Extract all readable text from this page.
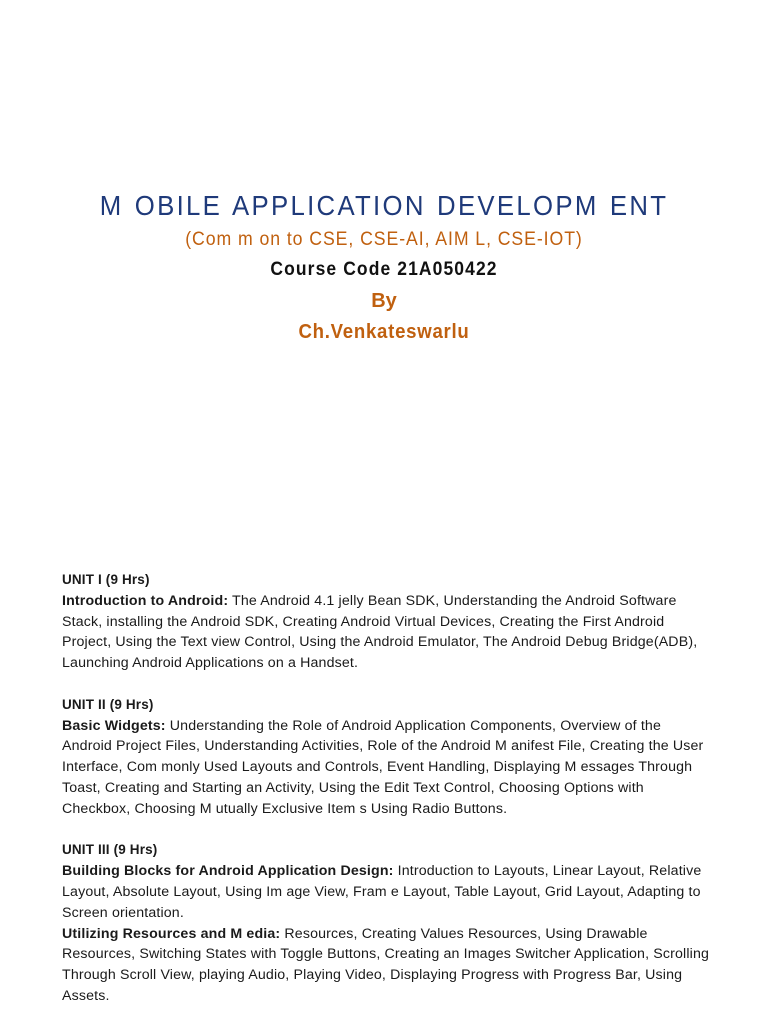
M OBILE APPLICATION DEVELOPM ENT

(Com m on to CSE, CSE-AI, AIM L, CSE-IOT)

Course Code 21A050422

By

Ch.Venkateswarlu

UNIT I (9 Hrs)

Introduction to Android: The Android 4.1 jelly Bean SDK, Understanding the Android Software Stack, installing the Android SDK, Creating Android Virtual Devices, Creating the First Android Project, Using the Text view Control, Using the Android Emulator, The Android Debug Bridge(ADB), Launching Android Applications on a Handset.

UNIT II (9 Hrs)

Basic Widgets: Understanding the Role of Android Application Components, Overview of the Android Project Files, Understanding Activities, Role of the Android M anifest File, Creating the User Interface, Com monly Used Layouts and Controls, Event Handling, Displaying M essages Through Toast, Creating and Starting an Activity, Using the Edit Text Control, Choosing Options with Checkbox, Choosing M utually Exclusive Item s Using Radio Buttons.

UNIT III (9 Hrs)

Building Blocks for Android Application Design: Introduction to Layouts, Linear Layout, Relative Layout, Absolute Layout, Using Im age View, Fram e Layout, Table Layout, Grid Layout, Adapting to Screen orientation.

Utilizing Resources and M edia: Resources, Creating Values Resources, Using Drawable Resources, Switching States with Toggle Buttons, Creating an Images Switcher Application, Scrolling Through Scroll View, playing Audio, Playing Video, Displaying Progress with Progress Bar, Using Assets.
